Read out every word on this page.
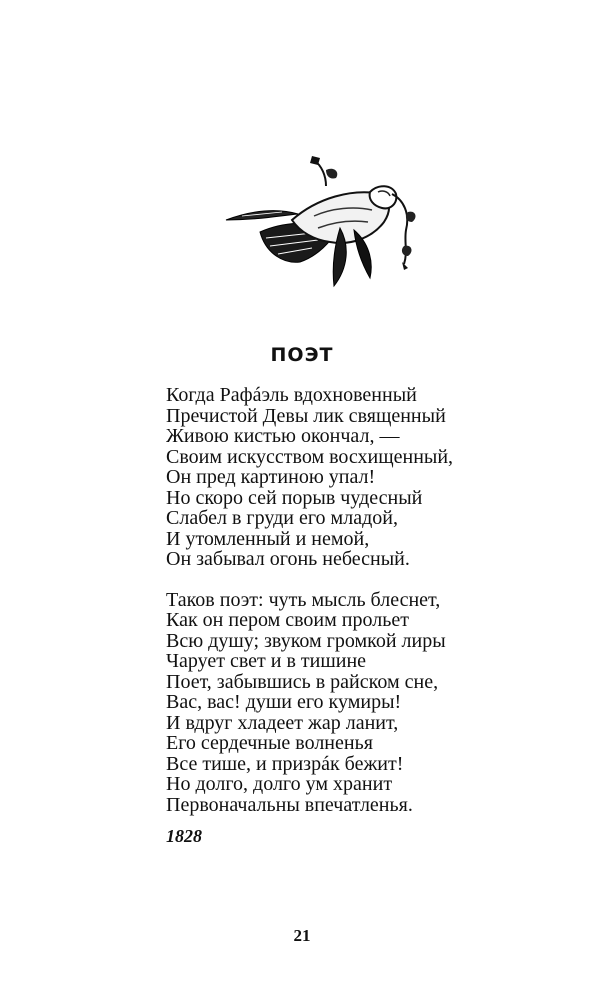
ПОЭТ
Когда Рафáэль вдохновенный
Пречистой Девы лик священный
Живою кистью окончал, —
Своим искусством восхищенный,
Он пред картиною упал!
Но скоро сей порыв чудесный
Слабел в груди его младой,
И утомленный и немой,
Он забывал огонь небесный.
Таков поэт: чуть мысль блеснет,
Как он пером своим прольет
Всю душу; звуком громкой лиры
Чарует свет и в тишине
Поет, забывшись в райском сне,
Вас, вас! души его кумиры!
И вдруг хладеет жар ланит,
Его сердечные волненья
Все тише, и призрáк бежит!
Но долго, долго ум хранит
Первоначальны впечатленья.
1828
21
